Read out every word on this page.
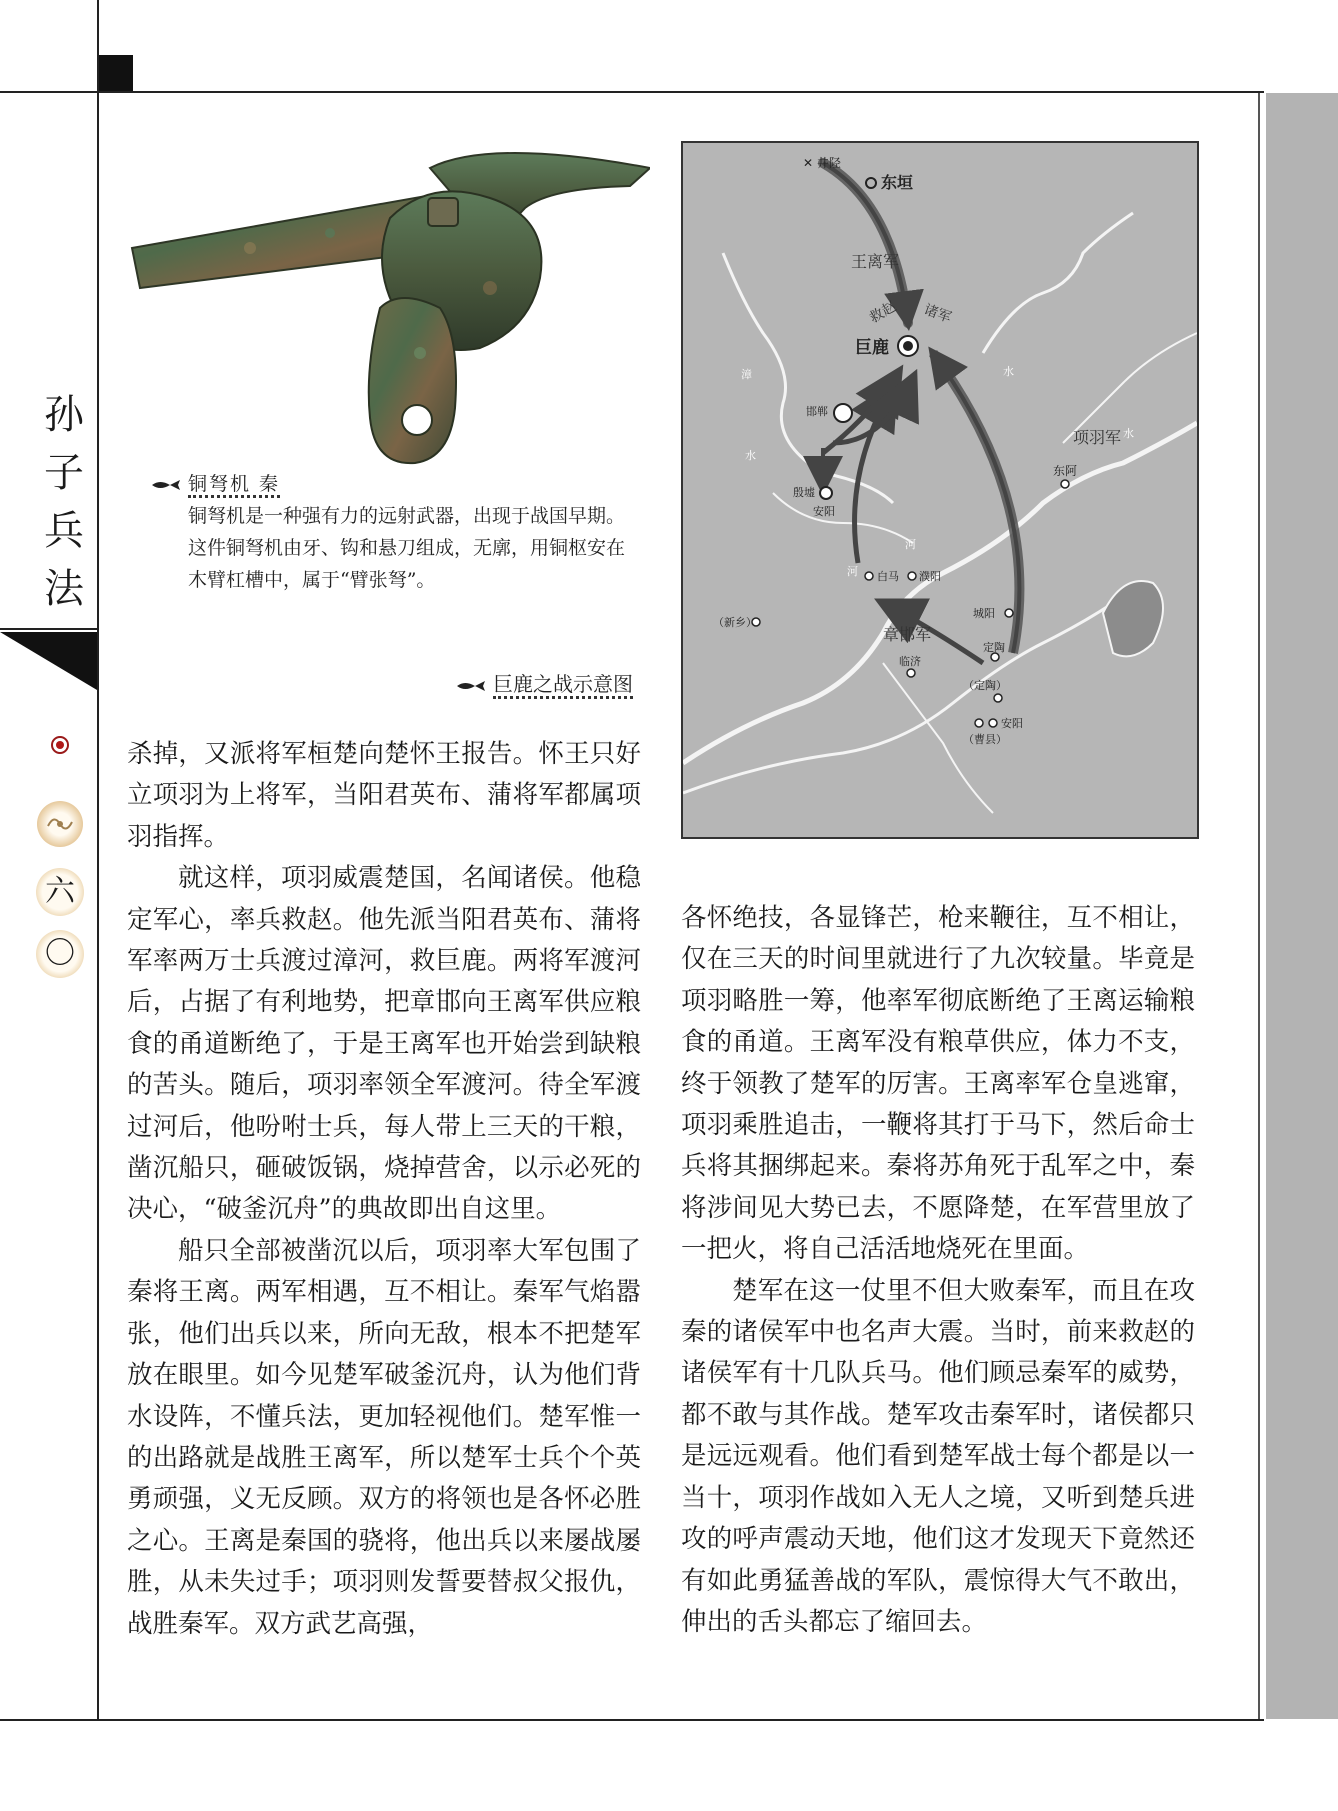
孙
子
兵
法
六
〇
铜弩机 秦
铜弩机是一种强有力的远射武器，出现于战国早期。这件铜弩机由牙、钩和悬刀组成，无廓，用铜枢安在木臂杠槽中，属于“臂张弩”。
巨鹿之战示意图
✕ 井陉
东垣
王离军
救赵 诸军
巨鹿
邯郸
项羽军
东阿
殷墟
安阳
白马 濮阳
（新乡）
章邯军
城阳
定陶
临济
（定陶）
安阳
（曹县）
漳
水
水
河
河
水

杀掉，又派将军桓楚向楚怀王报告。怀王只好立项羽为上将军，当阳君英布、蒲将军都属项羽指挥。

就这样，项羽威震楚国，名闻诸侯。他稳定军心，率兵救赵。他先派当阳君英布、蒲将军率两万士兵渡过漳河，救巨鹿。两将军渡河后，占据了有利地势，把章邯向王离军供应粮食的甬道断绝了，于是王离军也开始尝到缺粮的苦头。随后，项羽率领全军渡河。待全军渡过河后，他吩咐士兵，每人带上三天的干粮，凿沉船只，砸破饭锅，烧掉营舍，以示必死的决心，“破釜沉舟”的典故即出自这里。

船只全部被凿沉以后，项羽率大军包围了秦将王离。两军相遇，互不相让。秦军气焰嚣张，他们出兵以来，所向无敌，根本不把楚军放在眼里。如今见楚军破釜沉舟，认为他们背水设阵，不懂兵法，更加轻视他们。楚军惟一的出路就是战胜王离军，所以楚军士兵个个英勇顽强，义无反顾。双方的将领也是各怀必胜之心。王离是秦国的骁将，他出兵以来屡战屡胜，从未失过手；项羽则发誓要替叔父报仇，战胜秦军。双方武艺高强，

各怀绝技，各显锋芒，枪来鞭往，互不相让，仅在三天的时间里就进行了九次较量。毕竟是项羽略胜一筹，他率军彻底断绝了王离运输粮食的甬道。王离军没有粮草供应，体力不支，终于领教了楚军的厉害。王离率军仓皇逃窜，项羽乘胜追击，一鞭将其打于马下，然后命士兵将其捆绑起来。秦将苏角死于乱军之中，秦将涉间见大势已去，不愿降楚，在军营里放了一把火，将自己活活地烧死在里面。

楚军在这一仗里不但大败秦军，而且在攻秦的诸侯军中也名声大震。当时，前来救赵的诸侯军有十几队兵马。他们顾忌秦军的威势，都不敢与其作战。楚军攻击秦军时，诸侯都只是远远观看。他们看到楚军战士每个都是以一当十，项羽作战如入无人之境，又听到楚兵进攻的呼声震动天地，他们这才发现天下竟然还有如此勇猛善战的军队，震惊得大气不敢出，伸出的舌头都忘了缩回去。
